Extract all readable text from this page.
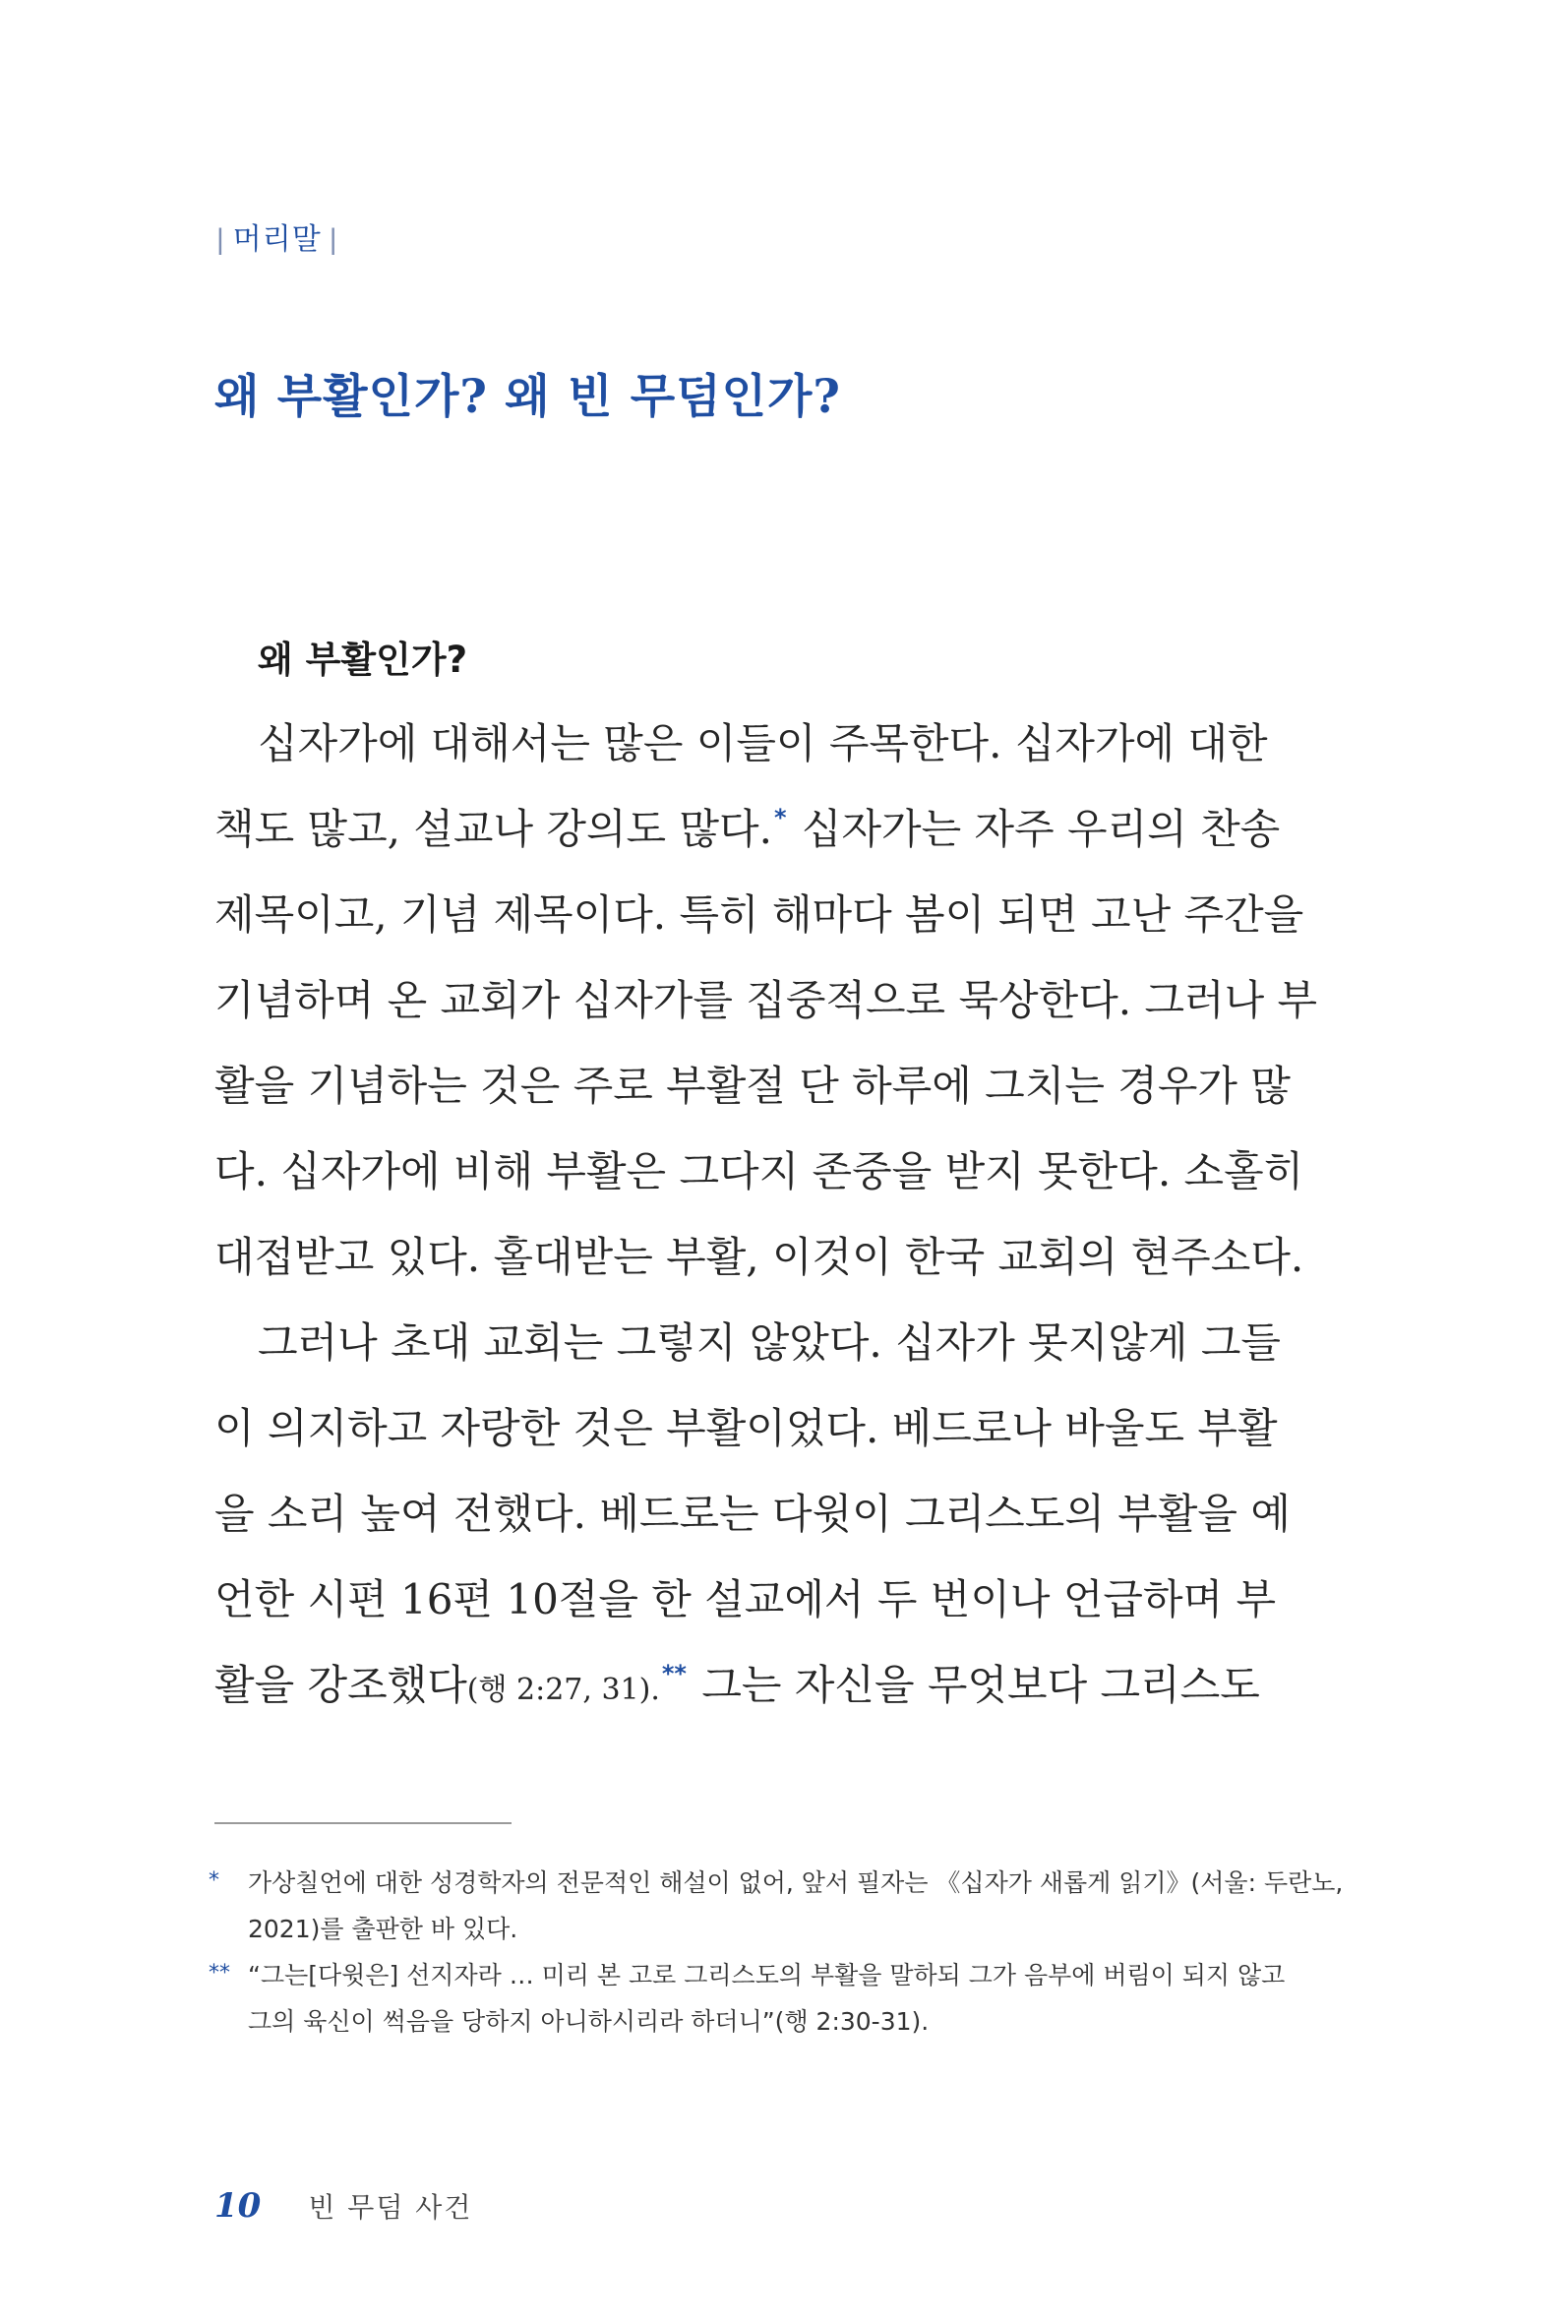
| 머리말 |
왜 부활인가? 왜 빈 무덤인가?
왜 부활인가?
십자가에 대해서는 많은 이들이 주목한다. 십자가에 대한
책도 많고, 설교나 강의도 많다.* 십자가는 자주 우리의 찬송
제목이고, 기념 제목이다. 특히 해마다 봄이 되면 고난 주간을
기념하며 온 교회가 십자가를 집중적으로 묵상한다. 그러나 부
활을 기념하는 것은 주로 부활절 단 하루에 그치는 경우가 많
다. 십자가에 비해 부활은 그다지 존중을 받지 못한다. 소홀히
대접받고 있다. 홀대받는 부활, 이것이 한국 교회의 현주소다.
그러나 초대 교회는 그렇지 않았다. 십자가 못지않게 그들
이 의지하고 자랑한 것은 부활이었다. 베드로나 바울도 부활
을 소리 높여 전했다. 베드로는 다윗이 그리스도의 부활을 예
언한 시편 16편 10절을 한 설교에서 두 번이나 언급하며 부
활을 강조했다(행 2:27, 31).** 그는 자신을 무엇보다 그리스도
* 가상칠언에 대한 성경학자의 전문적인 해설이 없어, 앞서 필자는 《십자가 새롭게 읽기》(서울: 두란노,
2021)를 출판한 바 있다.
** “그는[다윗은] 선지자라 … 미리 본 고로 그리스도의 부활을 말하되 그가 음부에 버림이 되지 않고
그의 육신이 썩음을 당하지 아니하시리라 하더니”(행 2:30-31).
10 빈 무덤 사건
